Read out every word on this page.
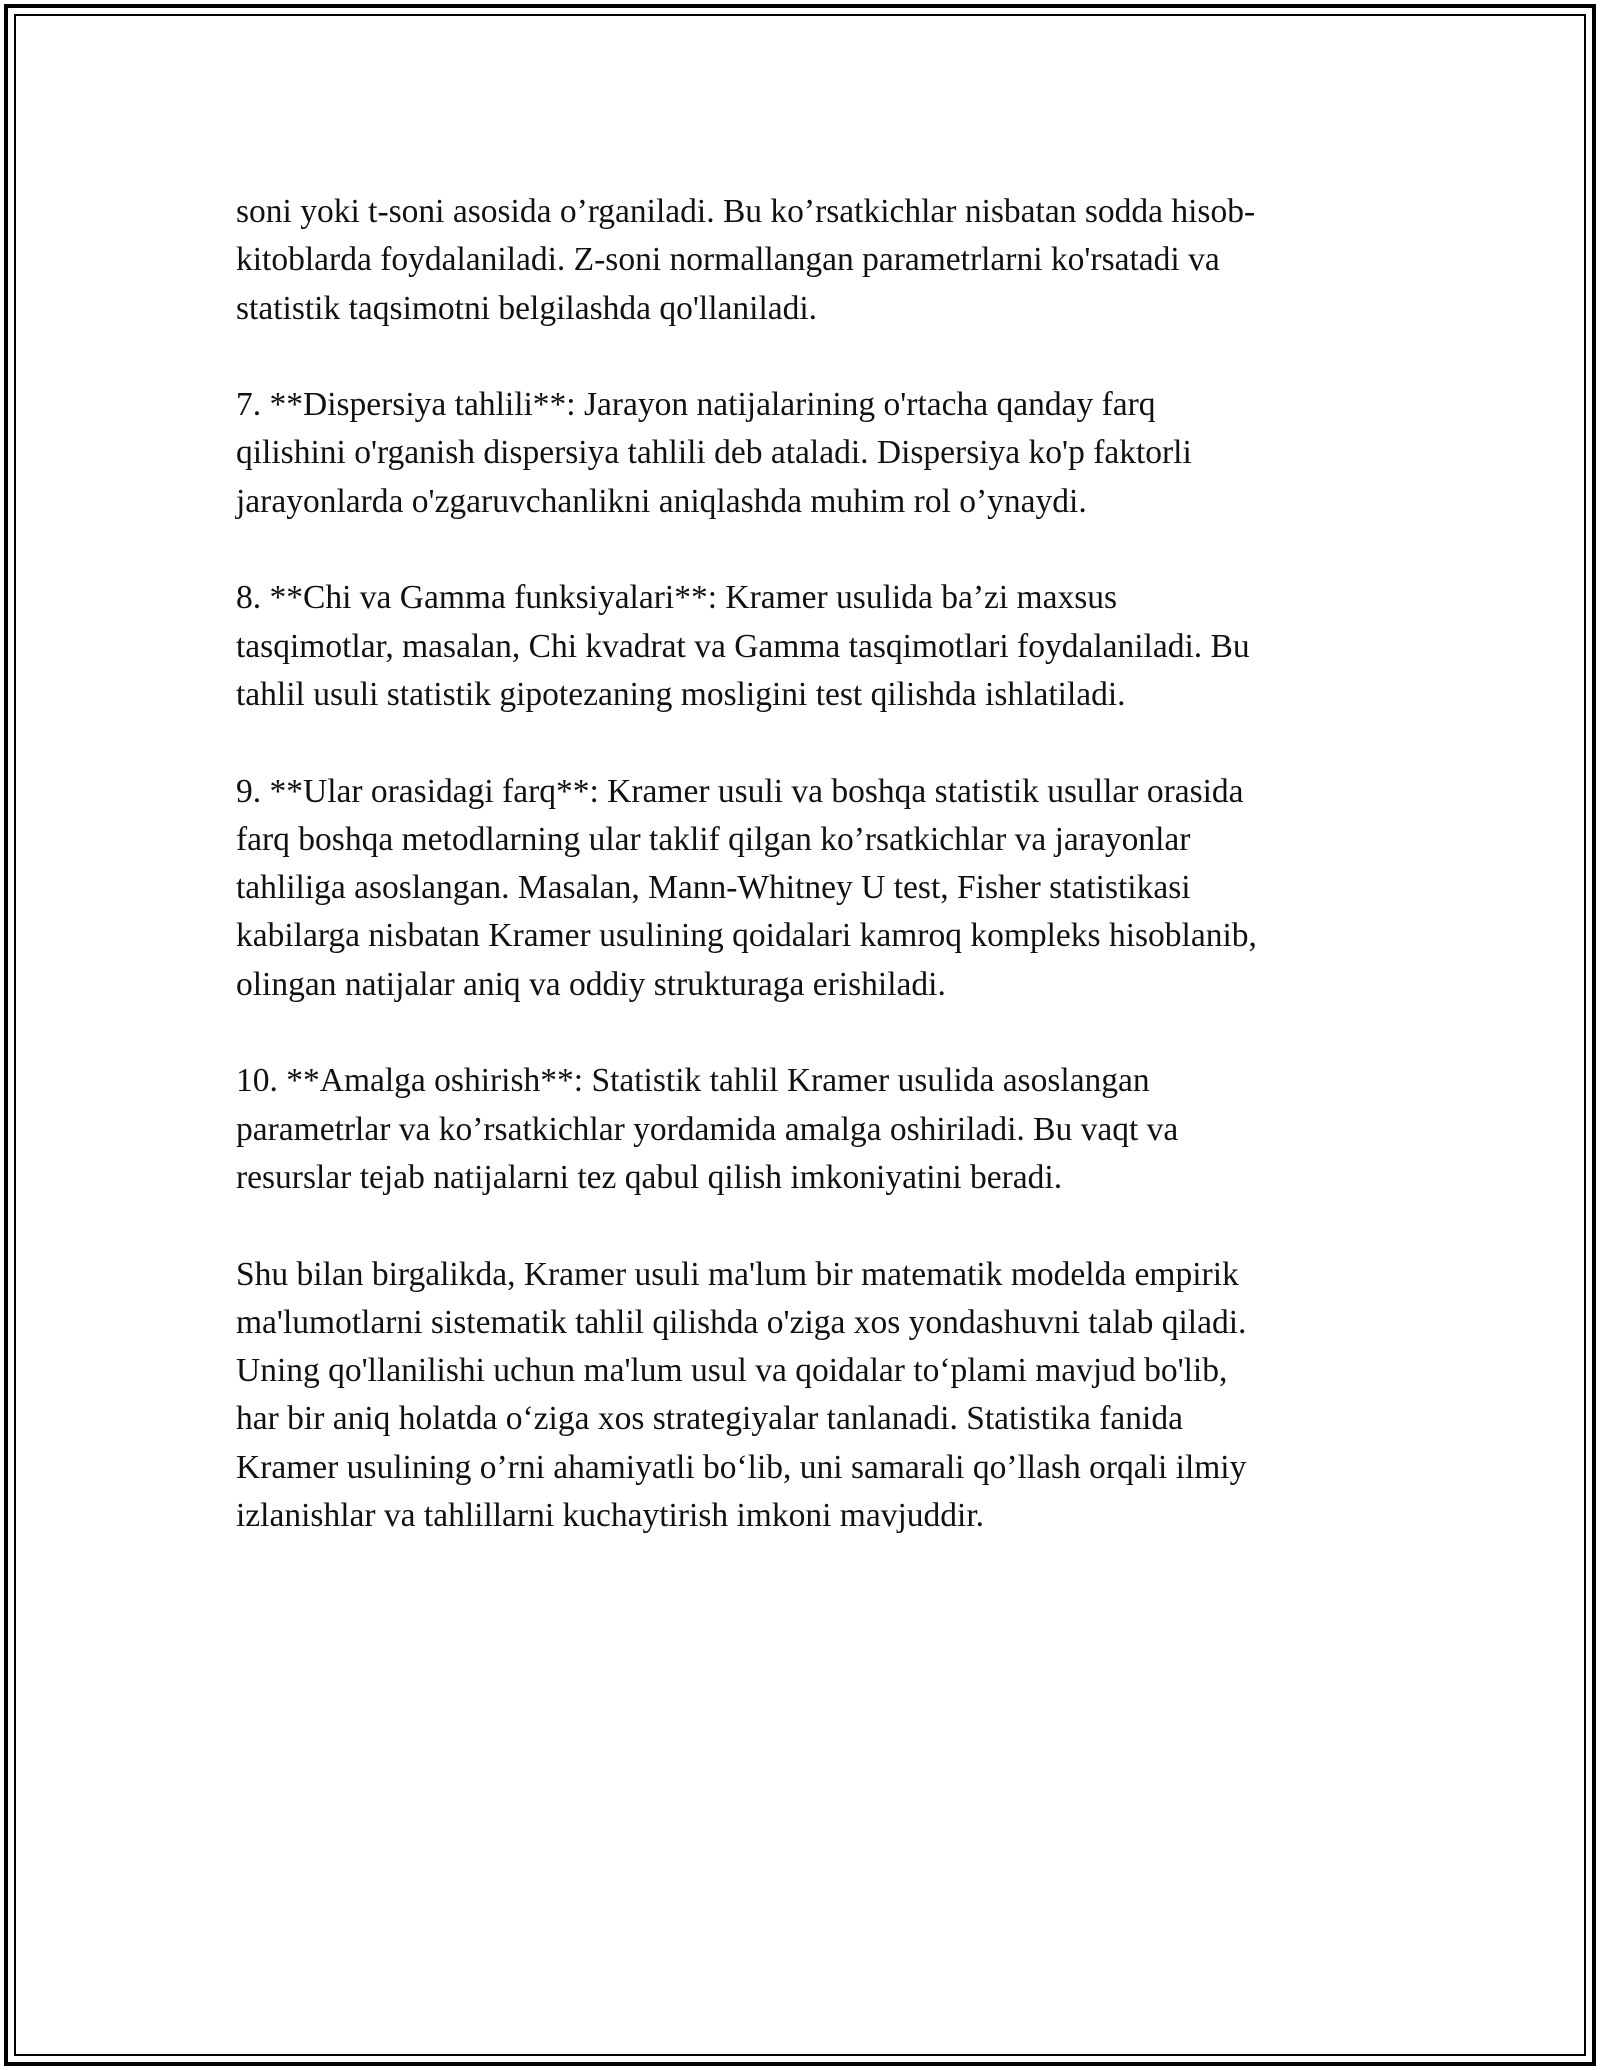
soni yoki t-soni asosida o’rganiladi. Bu ko’rsatkichlar nisbatan sodda hisob-
kitoblarda foydalaniladi. Z-soni normallangan parametrlarni ko'rsatadi va
statistik taqsimotni belgilashda qo'llaniladi.

7. **Dispersiya tahlili**: Jarayon natijalarining o'rtacha qanday farq
qilishini o'rganish dispersiya tahlili deb ataladi. Dispersiya ko'p faktorli
jarayonlarda o'zgaruvchanlikni aniqlashda muhim rol o’ynaydi.

8. **Chi va Gamma funksiyalari**: Kramer usulida ba’zi maxsus
tasqimotlar, masalan, Chi kvadrat va Gamma tasqimotlari foydalaniladi. Bu
tahlil usuli statistik gipotezaning mosligini test qilishda ishlatiladi.

9. **Ular orasidagi farq**: Kramer usuli va boshqa statistik usullar orasida
farq boshqa metodlarning ular taklif qilgan ko’rsatkichlar va jarayonlar
tahliliga asoslangan. Masalan, Mann-Whitney U test, Fisher statistikasi
kabilarga nisbatan Kramer usulining qoidalari kamroq kompleks hisoblanib,
olingan natijalar aniq va oddiy strukturaga erishiladi.

10. **Amalga oshirish**: Statistik tahlil Kramer usulida asoslangan
parametrlar va ko’rsatkichlar yordamida amalga oshiriladi. Bu vaqt va
resurslar tejab natijalarni tez qabul qilish imkoniyatini beradi.

Shu bilan birgalikda, Kramer usuli ma'lum bir matematik modelda empirik
ma'lumotlarni sistematik tahlil qilishda o'ziga xos yondashuvni talab qiladi.
Uning qo'llanilishi uchun ma'lum usul va qoidalar to‘plami mavjud bo'lib,
har bir aniq holatda o‘ziga xos strategiyalar tanlanadi. Statistika fanida
Kramer usulining o’rni ahamiyatli bo‘lib, uni samarali qo’llash orqali ilmiy
izlanishlar va tahlillarni kuchaytirish imkoni mavjuddir.
